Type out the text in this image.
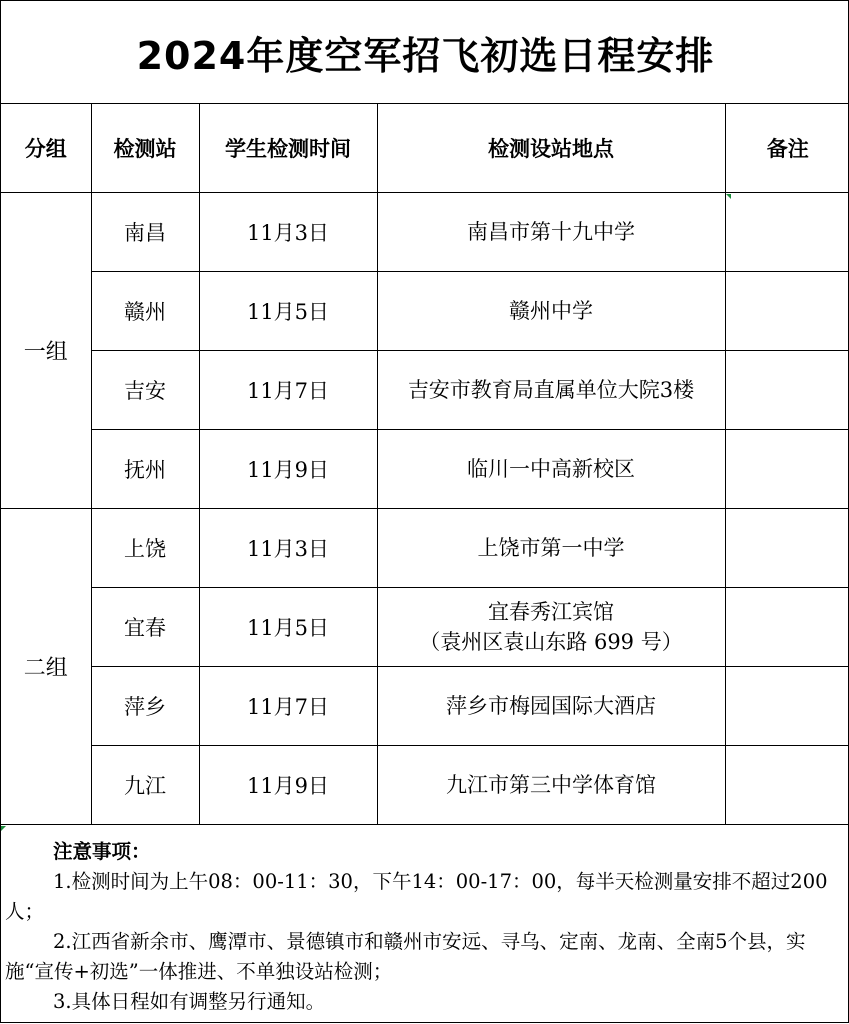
2024年度空军招飞初选日程安排
分组	检测站	学生检测时间	检测设站地点	备注
一组	南昌	11月3日	南昌市第十九中学	

	赣州	11月5日	赣州中学	

	吉安	11月7日	吉安市教育局直属单位大院3楼	

	抚州	11月9日	临川一中高新校区	

二组	上饶	11月3日	上饶市第一中学	

	宜春	11月5日	宜春秀江宾馆
（袁州区袁山东路 699 号）	

	萍乡	11月7日	萍乡市梅园国际大酒店	

	九江	11月9日	九江市第三中学体育馆	

注意事项：

1.检测时间为上午08：00-11：30，下午14：00-17：00，每半天检测量安排不超过200人；

2.江西省新余市、鹰潭市、景德镇市和赣州市安远、寻乌、定南、龙南、全南5个县，实施“宣传+初选”一体推进、不单独设站检测；

3.具体日程如有调整另行通知。
